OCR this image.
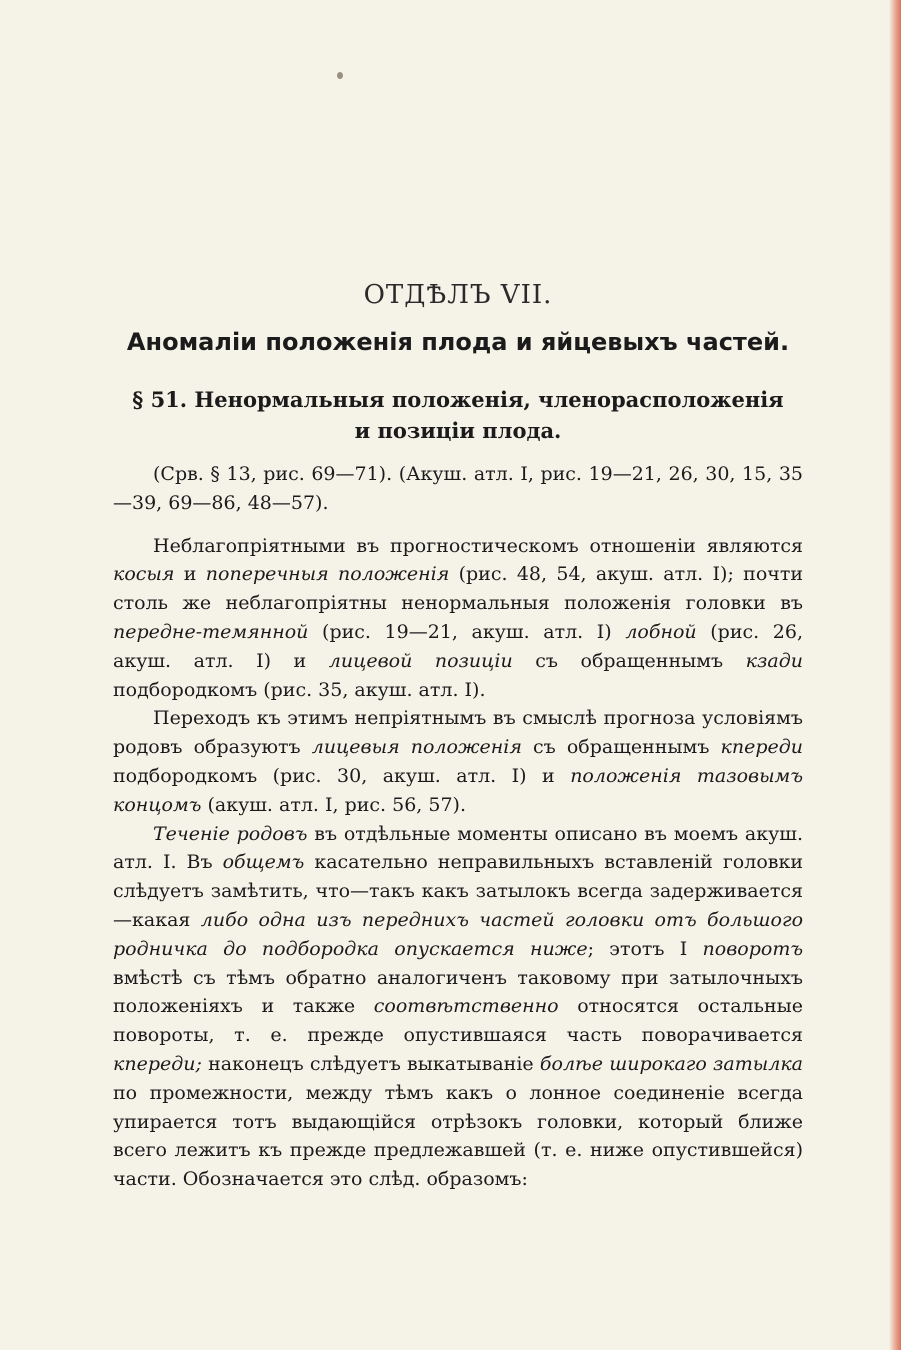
ОТДѢЛЪ VII.
Аномаліи положенія плода и яйцевыхъ частей.
§ 51. Ненормальныя положенія, членорасположенія
и позиціи плода.

(Срв. § 13, рис. 69—71). (Акуш. атл. I, рис. 19—21, 26, 30, 15, 35—39, 69—86, 48—57).

Неблагопріятными въ прогностическомъ отношеніи являются косыя и поперечныя положенія (рис. 48, 54, акуш. атл. I); почти столь же неблагопріятны ненормальныя положенія головки въ передне-темянной (рис. 19—21, акуш. атл. I) лобной (рис. 26, акуш. атл. I) и лицевой позиціи съ обращеннымъ кзади подбородкомъ (рис. 35, акуш. атл. I).

Переходъ къ этимъ непріятнымъ въ смыслѣ прогноза условіямъ родовъ образуютъ лицевыя положенія съ обращеннымъ кпереди подбородкомъ (рис. 30, акуш. атл. I) и положенія тазовымъ концомъ (акуш. атл. I, рис. 56, 57).

Теченіе родовъ въ отдѣльные моменты описано въ моемъ акуш. атл. I. Въ общемъ касательно неправильныхъ вставленій головки слѣдуетъ замѣтить, что—такъ какъ затылокъ всегда задерживается—какая либо одна изъ переднихъ частей головки отъ большого родничка до подбородка опускается ниже; этотъ I поворотъ вмѣстѣ съ тѣмъ обратно аналогиченъ таковому при затылочныхъ положеніяхъ и также соотвѣтственно относятся остальные повороты, т. е. прежде опустившаяся часть поворачивается кпереди; наконецъ слѣдуетъ выкатываніе болѣе широкаго затылка по промежности, между тѣмъ какъ о лонное соединеніе всегда упирается тотъ выдающійся отрѣзокъ головки, который ближе всего лежитъ къ прежде предлежавшей (т. е. ниже опустившейся) части. Обозначается это слѣд. образомъ:
